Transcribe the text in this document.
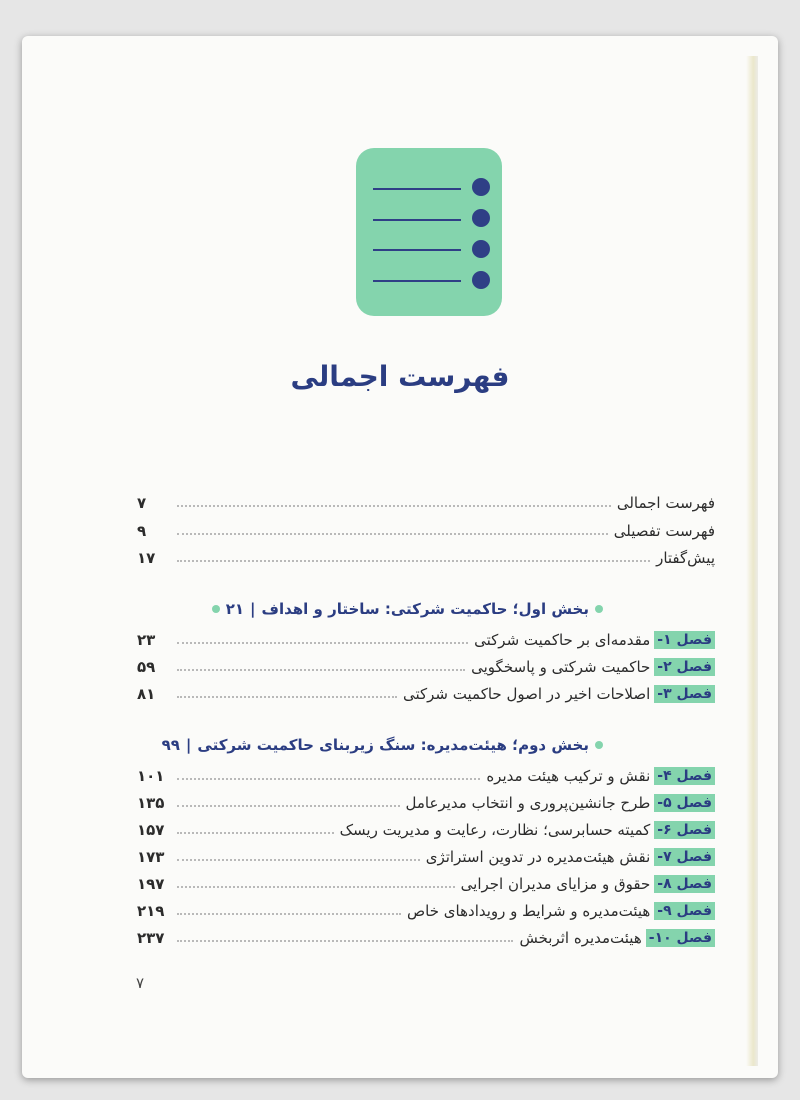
فهرست اجمالی
فهرست اجمالی
۷
فهرست تفصیلی
۹
پیش‌گفتار
۱۷
بخش اول؛ حاکمیت شرکتی: ساختار و اهداف
|
۲۱
فصل ۱-
مقدمه‌ای بر حاکمیت شرکتی
۲۳
فصل ۲-
حاکمیت شرکتی و پاسخگویی
۵۹
فصل ۳-
اصلاحات اخیر در اصول حاکمیت شرکتی
۸۱
بخش دوم؛ هیئت‌مدیره: سنگ زیربنای حاکمیت شرکتی
|
۹۹
فصل ۴-
نقش و ترکیب هیئت مدیره
۱۰۱
فصل ۵-
طرح جانشین‌پروری و انتخاب مدیرعامل
۱۳۵
فصل ۶-
کمیته حسابرسی؛ نظارت، رعایت و مدیریت ریسک
۱۵۷
فصل ۷-
نقش هیئت‌مدیره در تدوین استراتژی
۱۷۳
فصل ۸-
حقوق و مزایای مدیران اجرایی
۱۹۷
فصل ۹-
هیئت‌مدیره و شرایط و رویدادهای خاص
۲۱۹
فصل ۱۰-
هیئت‌مدیره اثربخش
۲۳۷
۷
